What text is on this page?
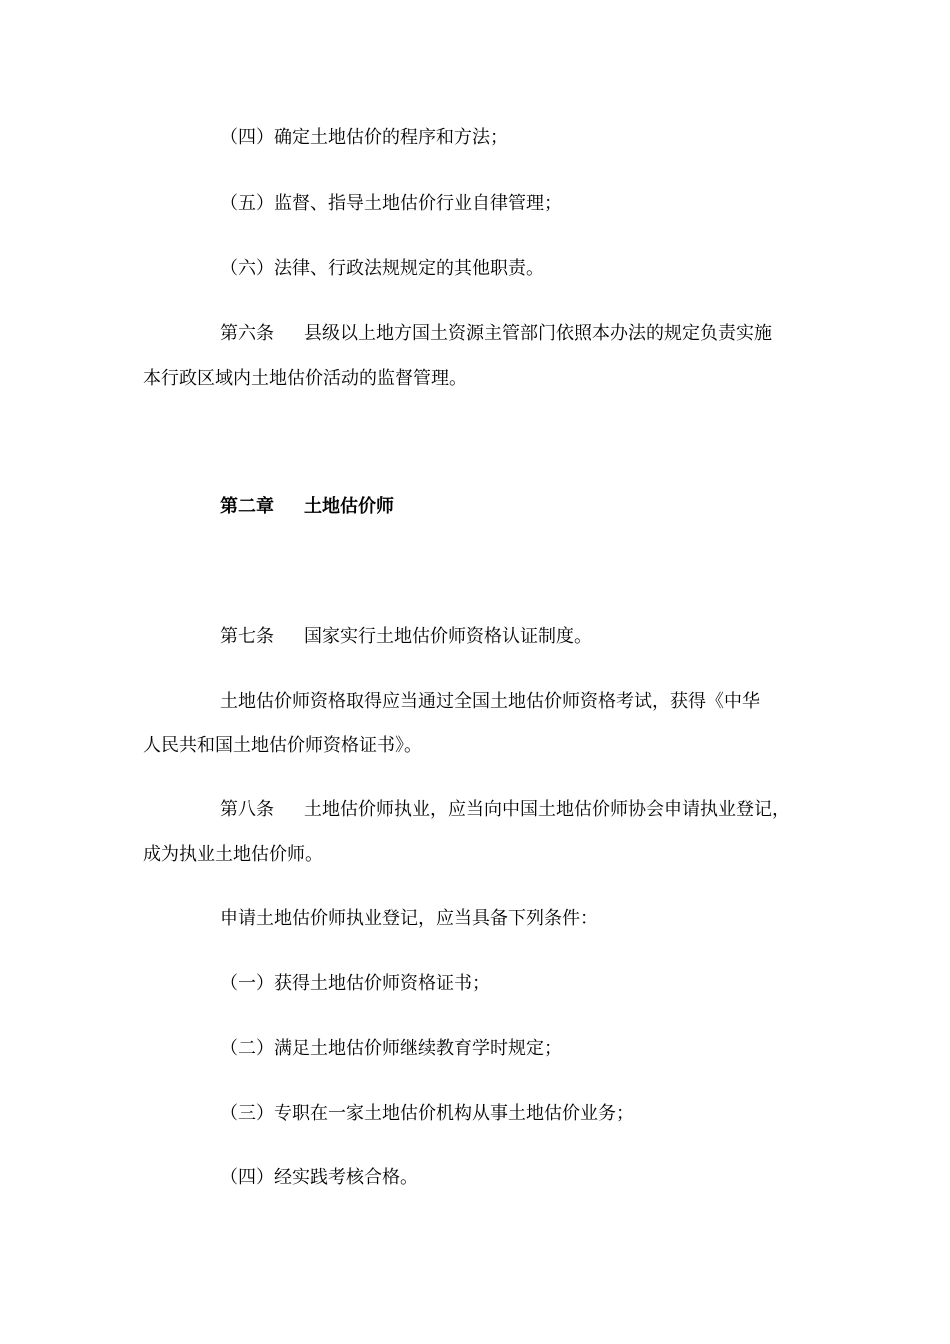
（四）确定土地估价的程序和方法；
（五）监督、指导土地估价行业自律管理；
（六）法律、行政法规规定的其他职责。
第六条 县级以上地方国土资源主管部门依照本办法的规定负责实施
本行政区域内土地估价活动的监督管理。
第二章 土地估价师
第七条 国家实行土地估价师资格认证制度。
土地估价师资格取得应当通过全国土地估价师资格考试，获得《中华
人民共和国土地估价师资格证书》。
第八条 土地估价师执业，应当向中国土地估价师协会申请执业登记，
成为执业土地估价师。
申请土地估价师执业登记，应当具备下列条件：
（一）获得土地估价师资格证书；
（二）满足土地估价师继续教育学时规定；
（三）专职在一家土地估价机构从事土地估价业务；
（四）经实践考核合格。
